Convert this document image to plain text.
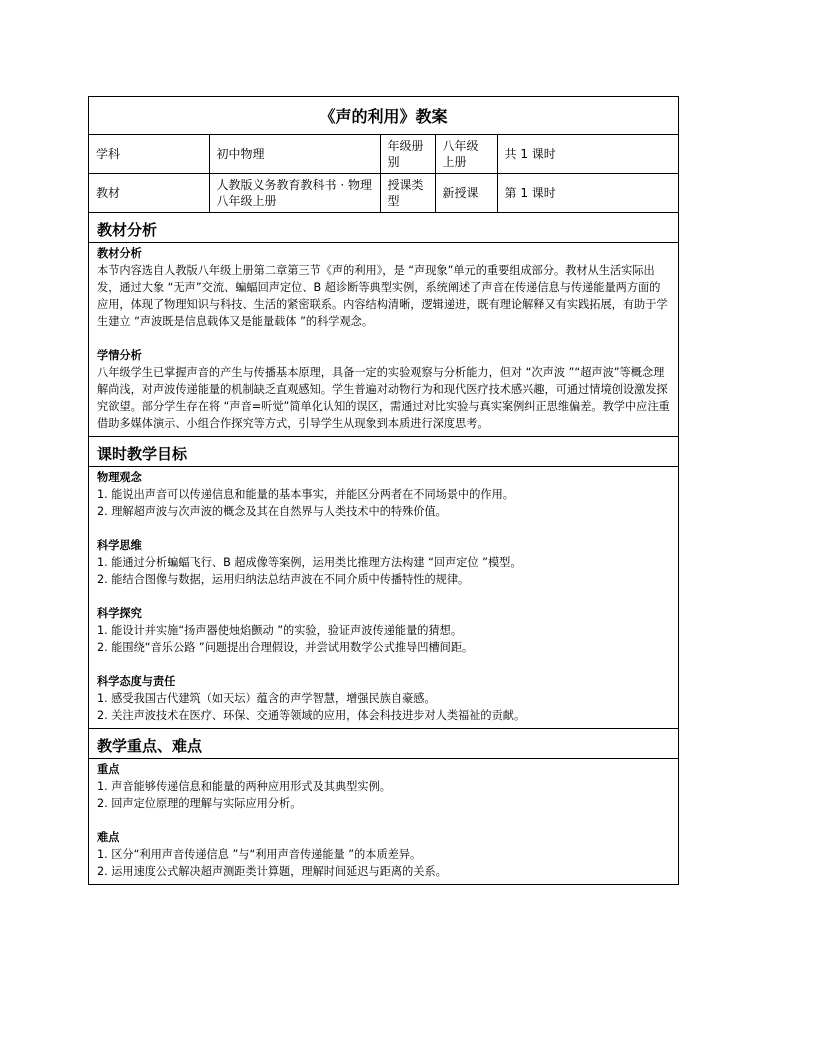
《声的利用》教案
学科	初中物理	年级册别	八年级上册	共 1 课时
教材	人教版义务教育教科书 · 物理八年级上册	授课类型	新授课	第 1 课时
教材分析

教材分析

本节内容选自人教版八年级上册第二章第三节《声的利用》，是 “声现象”单元的重要组成部分。教材从生活实际出发，通过大象 “无声”交流、蝙蝠回声定位、B 超诊断等典型实例，系统阐述了声音在传递信息与传递能量两方面的应用，体现了物理知识与科技、生活的紧密联系。内容结构清晰，逻辑递进，既有理论解释又有实践拓展，有助于学生建立 “声波既是信息载体又是能量载体 ”的科学观念。

学情分析

八年级学生已掌握声音的产生与传播基本原理，具备一定的实验观察与分析能力，但对 “次声波 ”“超声波”等概念理解尚浅，对声波传递能量的机制缺乏直观感知。学生普遍对动物行为和现代医疗技术感兴趣，可通过情境创设激发探究欲望。部分学生存在将 “声音=听觉”简单化认知的误区，需通过对比实验与真实案例纠正思维偏差。教学中应注重借助多媒体演示、小组合作探究等方式，引导学生从现象到本质进行深度思考。

课时教学目标

物理观念

1. 能说出声音可以传递信息和能量的基本事实，并能区分两者在不同场景中的作用。

2. 理解超声波与次声波的概念及其在自然界与人类技术中的特殊价值。

科学思维

1. 能通过分析蝙蝠飞行、B 超成像等案例，运用类比推理方法构建 “回声定位 ”模型。

2. 能结合图像与数据，运用归纳法总结声波在不同介质中传播特性的规律。

科学探究

1. 能设计并实施“扬声器使烛焰颤动 ”的实验，验证声波传递能量的猜想。

2. 能围绕“音乐公路 ”问题提出合理假设，并尝试用数学公式推导凹槽间距。

科学态度与责任

1. 感受我国古代建筑（如天坛）蕴含的声学智慧，增强民族自豪感。

2. 关注声波技术在医疗、环保、交通等领域的应用，体会科技进步对人类福祉的贡献。

教学重点、难点

重点

1. 声音能够传递信息和能量的两种应用形式及其典型实例。

2. 回声定位原理的理解与实际应用分析。

难点

1. 区分“利用声音传递信息 ”与“利用声音传递能量 ”的本质差异。

2. 运用速度公式解决超声测距类计算题，理解时间延迟与距离的关系。
